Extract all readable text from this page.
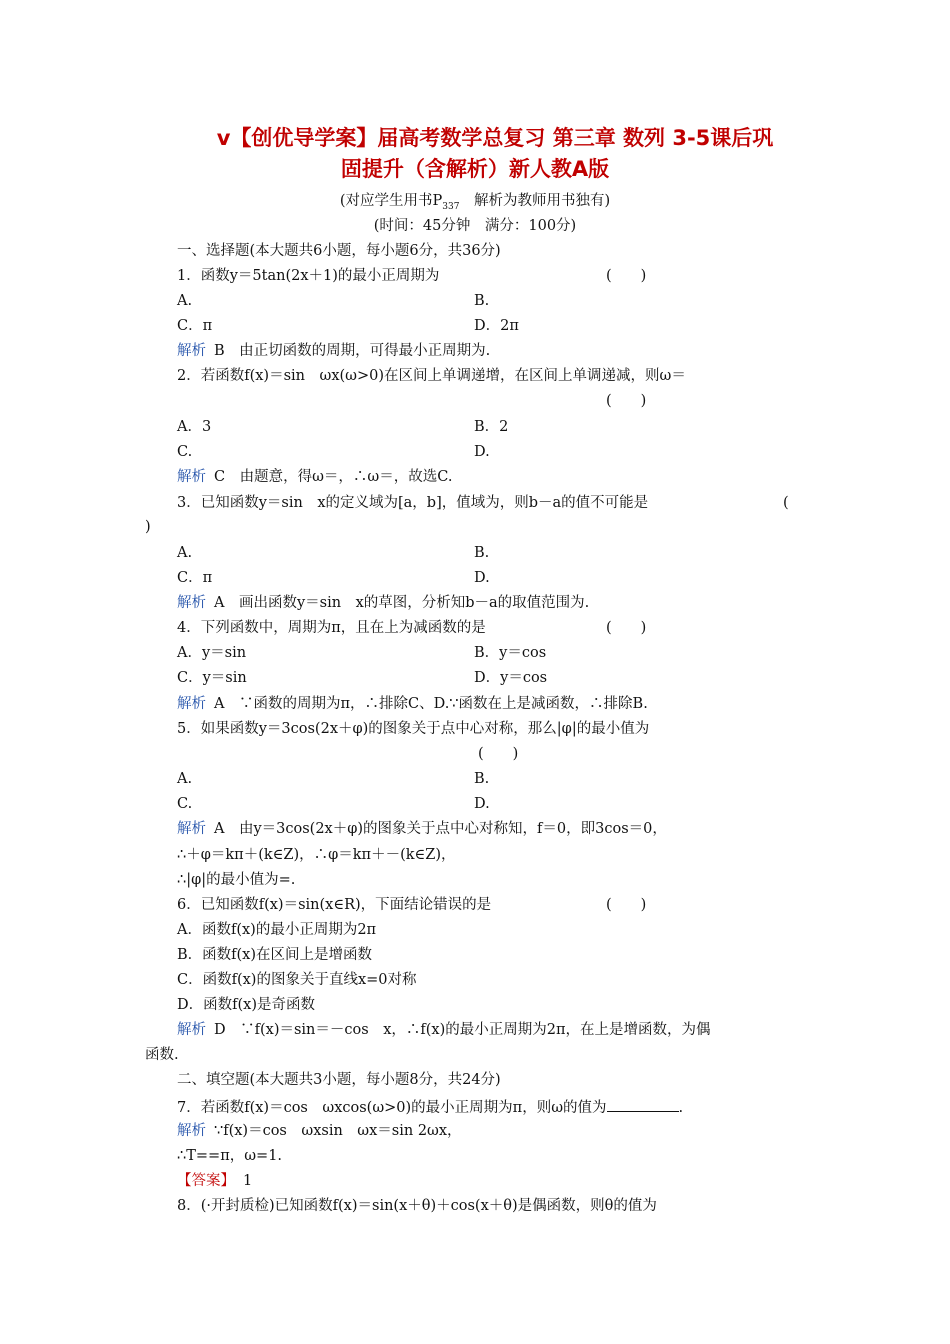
v【创优导学案】届高考数学总复习 第三章 数列 3-5课后巩
固提升（含解析）新人教A版
(对应学生用书$P_{337}$　解析为教师用书独有)
(时间：45分钟　满分：100分)
一、选择题(本大题共6小题，每小题6分，共36分)
1．函数y＝5tan(2x＋1)的最小正周期为	(　　)
A.	B.
C．π	D．2π
解析 B　由正切函数的周期，可得最小正周期为.
2．若函数f(x)＝sin　ωx(ω>0)在区间上单调递增，在区间上单调递减，则ω＝
(　　)
A．3	B．2
C.	D.
解析 C　由题意，得ω＝，∴ω＝，故选C.
3．已知函数y＝sin　x的定义域为[a，b]，值域为，则b－a的值不可能是	(
)
A.	B.
C．π	D.
解析 A　画出函数y＝sin　x的草图，分析知b－a的取值范围为.
4．下列函数中，周期为π，且在上为减函数的是	(　　)
A．y＝sin	B．y＝cos
C．y＝sin	D．y＝cos
解析 A　∵函数的周期为π，∴排除C、D.∵函数在上是减函数，∴排除B.
5．如果函数y＝3cos(2x＋φ)的图象关于点中心对称，那么|φ|的最小值为
(　　)
A.	B.
C.	D.
解析 A　由y＝3cos(2x＋φ)的图象关于点中心对称知，f＝0，即3cos＝0，
∴＋φ＝kπ＋(k∈Z)，∴φ＝kπ＋－(k∈Z)，
∴|φ|的最小值为=.
6．已知函数f(x)＝sin(x∈R)，下面结论错误的是	(　　)
A．函数f(x)的最小正周期为2π
B．函数f(x)在区间上是增函数
C．函数f(x)的图象关于直线x=0对称
D．函数f(x)是奇函数
解析 D　∵f(x)＝sin＝－cos　x，∴f(x)的最小正周期为2π，在上是增函数，为偶
函数.
二、填空题(本大题共3小题，每小题8分，共24分)
7．若函数f(x)＝cos　ωxcos(ω>0)的最小正周期为π，则ω的值为	.
解析 ∵f(x)＝cos　ωxsin　ωx＝sin 2ωx，
∴T==π，ω=1.
【答案】 1
8．(·开封质检)已知函数f(x)＝sin(x＋θ)＋cos(x＋θ)是偶函数，则θ的值为
